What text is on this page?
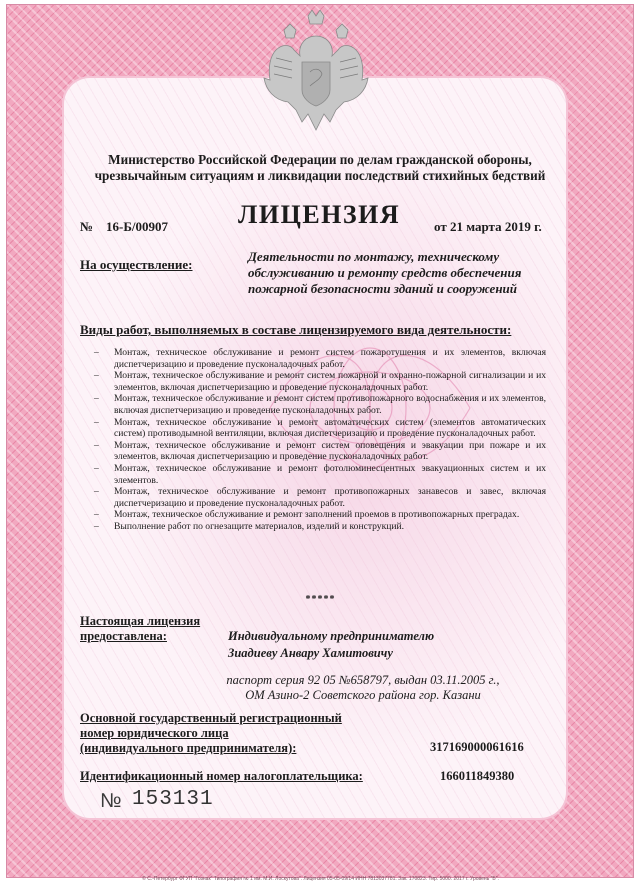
Министерство Российской Федерации по делам гражданской обороны,
чрезвычайным ситуациям и ликвидации последствий стихийных бедствий
№ 16-Б/00907	ЛИЦЕНЗИЯ	от 21 марта 2019 г.
На осуществление:
Деятельности по монтажу, техническому
обслуживанию и ремонту средств обеспечения
пожарной безопасности зданий и сооружений
Виды работ, выполняемых в составе лицензируемого вида деятельности:
– Монтаж, техническое обслуживание и ремонт систем пожаротушения и их элементов, включая диспетчеризацию и проведение пусконаладочных работ.
– Монтаж, техническое обслуживание и ремонт систем пожарной и охранно-пожарной сигнализации и их элементов, включая диспетчеризацию и проведение пусконаладочных работ.
– Монтаж, техническое обслуживание и ремонт систем противопожарного водоснабжения и их элементов, включая диспетчеризацию и проведение пусконаладочных работ.
– Монтаж, техническое обслуживание и ремонт автоматических систем (элементов автоматических систем) противодымной вентиляции, включая диспетчеризацию и проведение пусконаладочных работ.
– Монтаж, техническое обслуживание и ремонт систем оповещения и эвакуации при пожаре и их элементов, включая диспетчеризацию и проведение пусконаладочных работ.
– Монтаж, техническое обслуживание и ремонт фотолюминесцентных эвакуационных систем и их элементов.
– Монтаж, техническое обслуживание и ремонт противопожарных занавесов и завес, включая диспетчеризацию и проведение пусконаладочных работ.
– Монтаж, техническое обслуживание и ремонт заполнений проемов в противопожарных преградах.
– Выполнение работ по огнезащите материалов, изделий и конструкций.
*****
Настоящая лицензия
предоставлена:	Индивидуальному предпринимателю
Зиадиеву Анвару Хамитовичу
паспорт серия 92 05 №658797, выдан 03.11.2005 г.,
ОМ Азино-2 Советского района гор. Казани
Основной государственный регистрационный
номер юридического лица
(индивидуального предпринимателя):	317169000061616
Идентификационный номер налогоплательщика:	166011849380
№ 153131
© С.-Петербург ФГУП "Гознак" Типография № 1 им. М.И. Лоскутова". Лицензия 05-05-09/14 ИНН 7813037781. Зак. 170823. Тир. 5000. 2017 г. Уровень "Б".
